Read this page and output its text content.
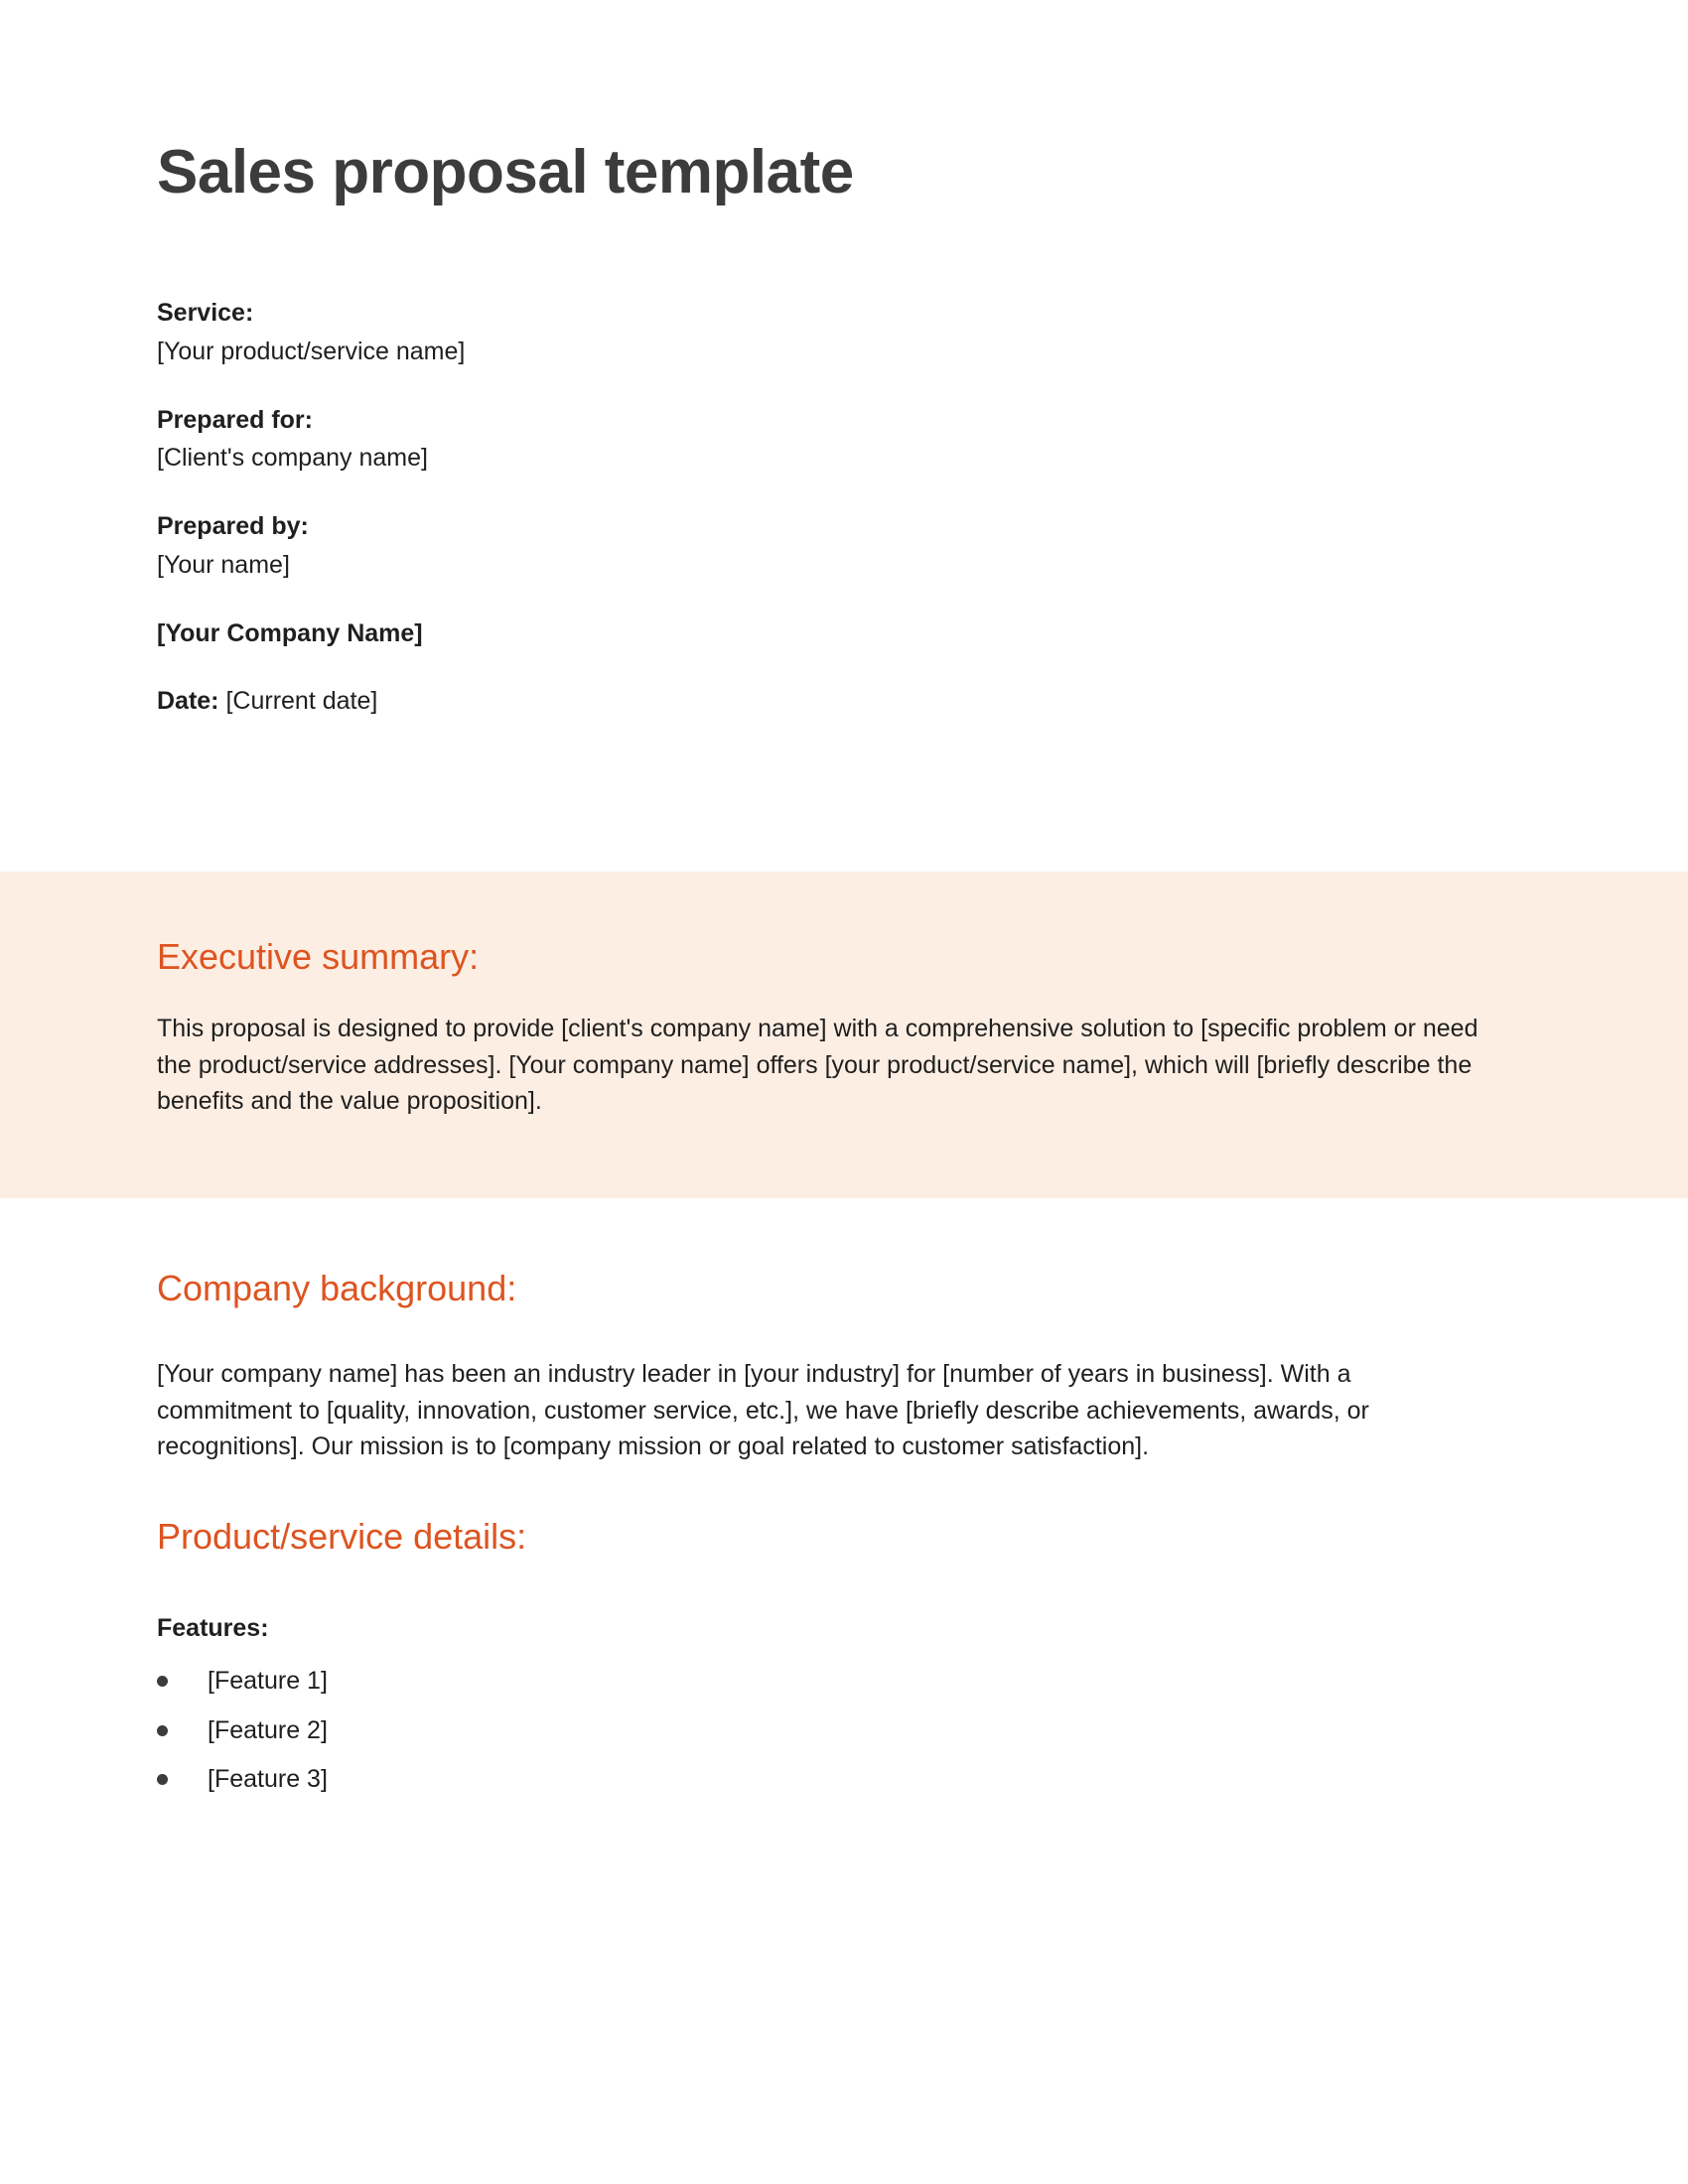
Sales proposal template

Service:

[Your product/service name]

Prepared for:

[Client's company name]

Prepared by:

[Your name]

[Your Company Name]

Date: [Current date]

Executive summary:

This proposal is designed to provide [client's company name] with a comprehensive solution to [specific problem or need the product/service addresses]. [Your company name] offers [your product/service name], which will [briefly describe the benefits and the value proposition].

Company background:

[Your company name] has been an industry leader in [your industry] for [number of years in business]. With a commitment to [quality, innovation, customer service, etc.], we have [briefly describe achievements, awards, or recognitions]. Our mission is to [company mission or goal related to customer satisfaction].

Product/service details:

Features:

[Feature 1]
[Feature 2]
[Feature 3]
